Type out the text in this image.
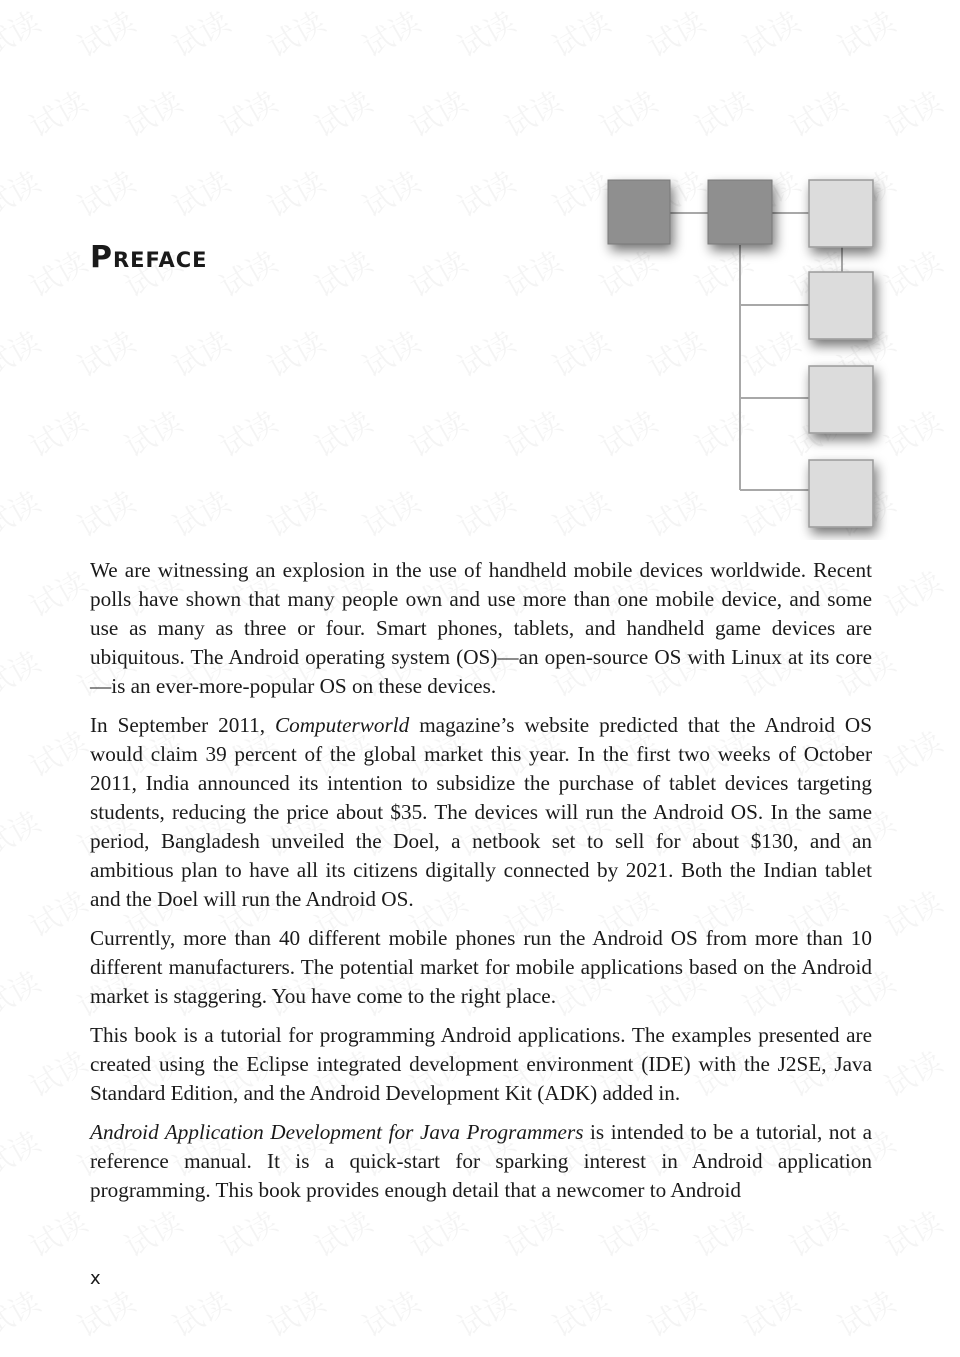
Preface

We are witnessing an explosion in the use of handheld mobile devices worldwide. Recent polls have shown that many people own and use more than one mobile device, and some use as many as three or four. Smart phones, tablets, and handheld game devices are ubiquitous. The Android operating system (OS)—an open-source OS with Linux at its core—is an ever-more-popular OS on these devices.

In September 2011, Computerworld magazine’s website predicted that the Android OS would claim 39 percent of the global market this year. In the first two weeks of October 2011, India announced its intention to subsidize the purchase of tablet devices targeting students, reducing the price about $35. The devices will run the Android OS. In the same period, Bangladesh unveiled the Doel, a netbook set to sell for about $130, and an ambitious plan to have all its citizens digitally connected by 2021. Both the Indian tablet and the Doel will run the Android OS.

Currently, more than 40 different mobile phones run the Android OS from more than 10 different manufacturers. The potential market for mobile applications based on the Android market is staggering. You have come to the right place.

This book is a tutorial for programming Android applications. The examples presented are created using the Eclipse integrated development environment (IDE) with the J2SE, Java Standard Edition, and the Android Development Kit (ADK) added in.

Android Application Development for Java Programmers is intended to be a tutorial, not a reference manual. It is a quick-start for sparking interest in Android application programming. This book provides enough detail that a newcomer to Android

x
